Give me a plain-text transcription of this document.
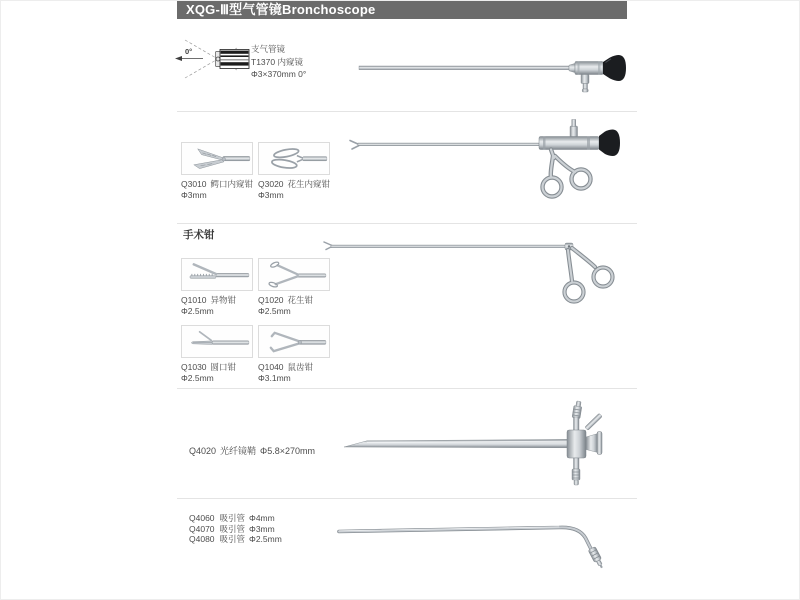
XQG-Ⅲ型气管镜Bronchoscope
0°	支气管镜
T1370 内窥镜
Φ3×370mm 0°
Q3010 鳄口内窥钳
Φ3mm
Q3020 花生内窥钳
Φ3mm
手术钳
Q1010 异物钳
Φ2.5mm
Q1020 花生钳
Φ2.5mm
Q1030 圆口钳
Φ2.5mm
Q1040 鼠齿钳
Φ3.1mm
Q4020 光纤镜鞘 Φ5.8×270mm
Q4060 吸引管 Φ4mm
Q4070 吸引管 Φ3mm
Q4080 吸引管 Φ2.5mm
